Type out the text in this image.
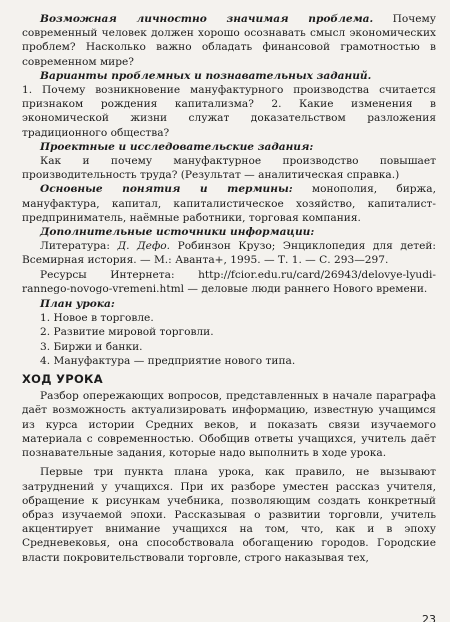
Возможная личностно значимая проблема. Почему современный человек должен хорошо осознавать смысл экономических проблем? Насколько важно обладать финансовой грамотностью в современном мире?

Варианты проблемных и познавательных заданий.

1. Почему возникновение мануфактурного производства считается признаком рождения капитализма? 2. Какие изменения в экономической жизни служат доказательством разложения традиционного общества?

Проектные и исследовательские задания:

Как и почему мануфактурное производство повышает производительность труда? (Результат — аналитическая справка.)

Основные понятия и термины: монополия, биржа, мануфактура, капитал, капиталистическое хозяйство, капиталист-предприниматель, наёмные работники, торговая компания.

Дополнительные источники информации:

Литература: Д. Дефо. Робинзон Крузо; Энциклопедия для детей: Всемирная история. — М.: Аванта+, 1995. — Т. 1. — С. 293—297.

Ресурсы Интернета: http://fcior.edu.ru/card/26943/delovye-lyudi-rannego-novogo-vremeni.html — деловые люди раннего Нового времени.

План урока:

1. Новое в торговле.
2. Развитие мировой торговли.
3. Биржи и банки.
4. Мануфактура — предприятие нового типа.
ХОД УРОКА

Разбор опережающих вопросов, представленных в начале параграфа даёт возможность актуализировать информацию, известную учащимся из курса истории Средних веков, и показать связи изучаемого материала с современностью. Обобщив ответы учащихся, учитель даёт познавательные задания, которые надо выполнить в ходе урока.

Первые три пункта плана урока, как правило, не вызывают затруднений у учащихся. При их разборе уместен рассказ учителя, обращение к рисункам учебника, позволяющим создать конкретный образ изучаемой эпохи. Рассказывая о развитии торговли, учитель акцентирует внимание учащихся на том, что, как и в эпоху Средневековья, она способствовала обогащению городов. Городские власти покровительствовали торговле, строго наказывая тех,

23
